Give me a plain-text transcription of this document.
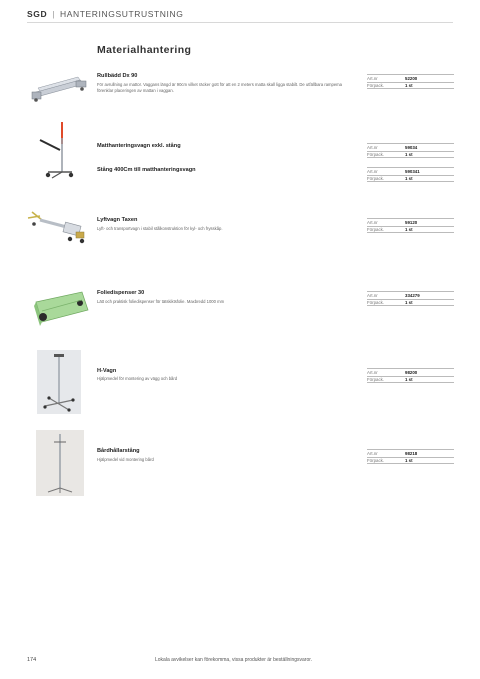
SGD | HANTERINGSUTRUSTNING
Materialhantering
Rullbädd Dx 90
För avrullning av mattor. Vaggans längd är 90cm vilket räcker gott för att en 2 meters matta skall ligga stabilt. De utfällbara rampema förenklar placeringen av mattan i vaggan.
Art.nr	52200
Förpack.	1 st
Matthanteringsvagn exkl. stång	Art.nr	59034
Förpack.	1 st
Stång 400Cm till matthanteringsvagn	Art.nr	590341
Förpack.	1 st
Lyftvagn Taxen
Lyft- och transportvagn i stabil stålkonstruktion för kyl- och frysskåp.
Art.nr	59120
Förpack.	1 st
Foliedispenser 30
Lätt och praktisk foliedispenser för tätskiktsfolie. Maxbredd 1000 mm
Art.nr	334279
Förpack.	1 st
H-Vagn
Hjälpmedel för montering av vägg och bård
Art.nr	98200
Förpack.	1 st
Bårdhållarstång
Hjälpmedel vid montering bård
Art.nr	98218
Förpack.	1 st
174	Lokala avvikelser kan förekomma, vissa produkter är beställningsvaror.
